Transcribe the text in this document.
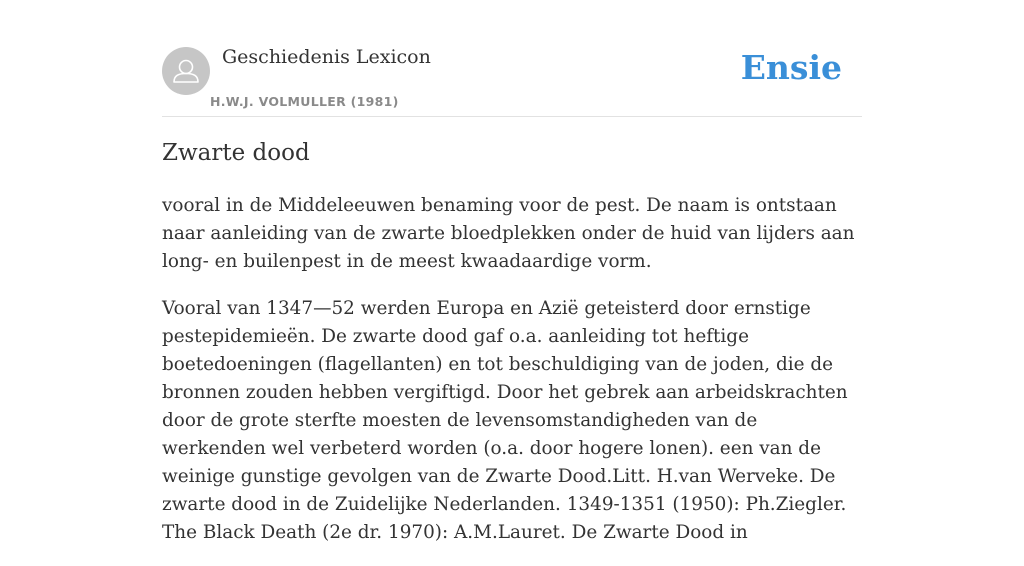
Geschiedenis Lexicon
H.W.J. VOLMULLER (1981)
Ensie
Zwarte dood

vooral in de Middeleeuwen benaming voor de pest. De naam is ontstaan naar aanleiding van de zwarte bloedplekken onder de huid van lijders aan long- en builenpest in de meest kwaadaardige vorm.

Vooral van 1347—52 werden Europa en Azië geteisterd door ernstige pestepidemieën. De zwarte dood gaf o.a. aanleiding tot heftige boetedoeningen (flagellanten) en tot beschuldiging van de joden, die de bronnen zouden hebben vergiftigd. Door het gebrek aan arbeidskrachten door de grote sterfte moesten de levensomstandigheden van de werkenden wel verbeterd worden (o.a. door hogere lonen). een van de weinige gunstige gevolgen van de Zwarte Dood.Litt. H.van Werveke. De zwarte dood in de Zuidelijke Nederlanden. 1349-1351 (1950): Ph.Ziegler. The Black Death (2e dr. 1970): A.M.Lauret. De Zwarte Dood in
